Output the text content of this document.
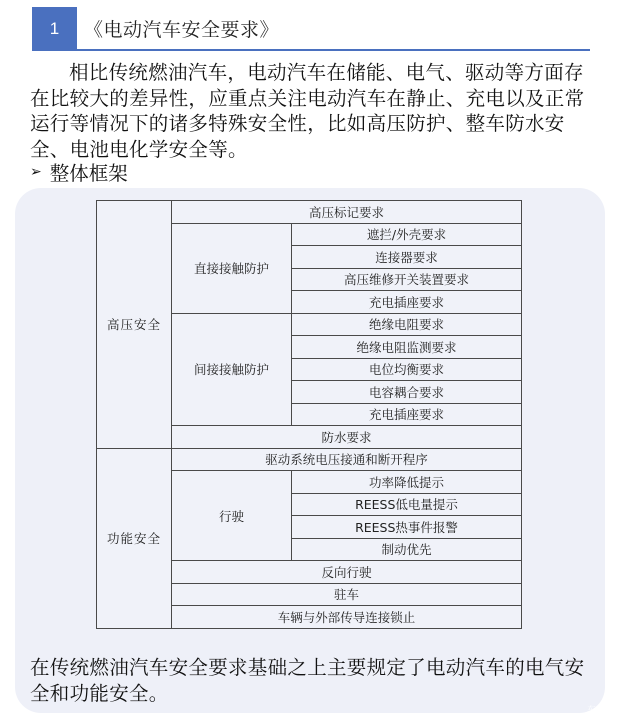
1	《电动汽车安全要求》

相比传统燃油汽车，电动汽车在储能、电气、驱动等方面存在比较大的差异性，应重点关注电动汽车在静止、充电以及正常运行等情况下的诸多特殊安全性，比如高压防护、整车防水安全、电池电化学安全等。

➢ 整体框架
高压安全	高压标记要求	
	直接接触防护	遮拦/外壳要求
		连接器要求
		高压维修开关装置要求
		充电插座要求
	间接接触防护	绝缘电阻要求
		绝缘电阻监测要求
		电位均衡要求
		电容耦合要求
		充电插座要求
	防水要求	
功能安全	驱动系统电压接通和断开程序	
	行驶	功率降低提示
		REESS低电量提示
		REESS热事件报警
		制动优先
	反向行驶	
	驻车	
	车辆与外部传导连接锁止	

在传统燃油汽车安全要求基础之上主要规定了电动汽车的电气安全和功能安全。

车家号
